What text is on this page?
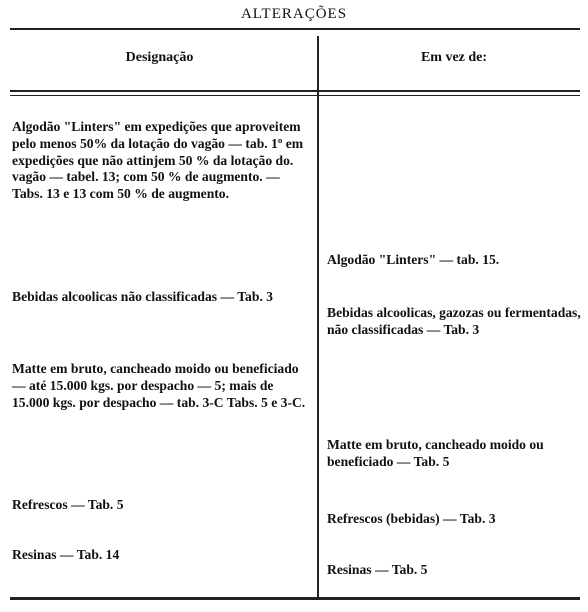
ALTERAÇÕES
Designação	Em vez de:
Algodão "Linters" em expedições que aproveitem pelo menos 50% da lotação do vagão — tab. 1º em expedições que não attinjem 50 % da lotação do. vagão — tabel. 13; com 50 % de augmento. — Tabs. 13 e 13 com 50 % de augmento.
Bebidas alcoolicas não classificadas — Tab. 3
Matte em bruto, cancheado moido ou beneficiado — até 15.000 kgs. por despacho — 5; mais de 15.000 kgs. por despacho — tab. 3-C Tabs. 5 e 3-C.
Refrescos — Tab. 5
Resinas — Tab. 14
Algodão "Linters" — tab. 15.
Bebidas alcoolicas, gazozas ou fermentadas, não classificadas — Tab. 3
Matte em bruto, cancheado moido ou beneficiado — Tab. 5
Refrescos (bebidas) — Tab. 3
Resinas — Tab. 5
